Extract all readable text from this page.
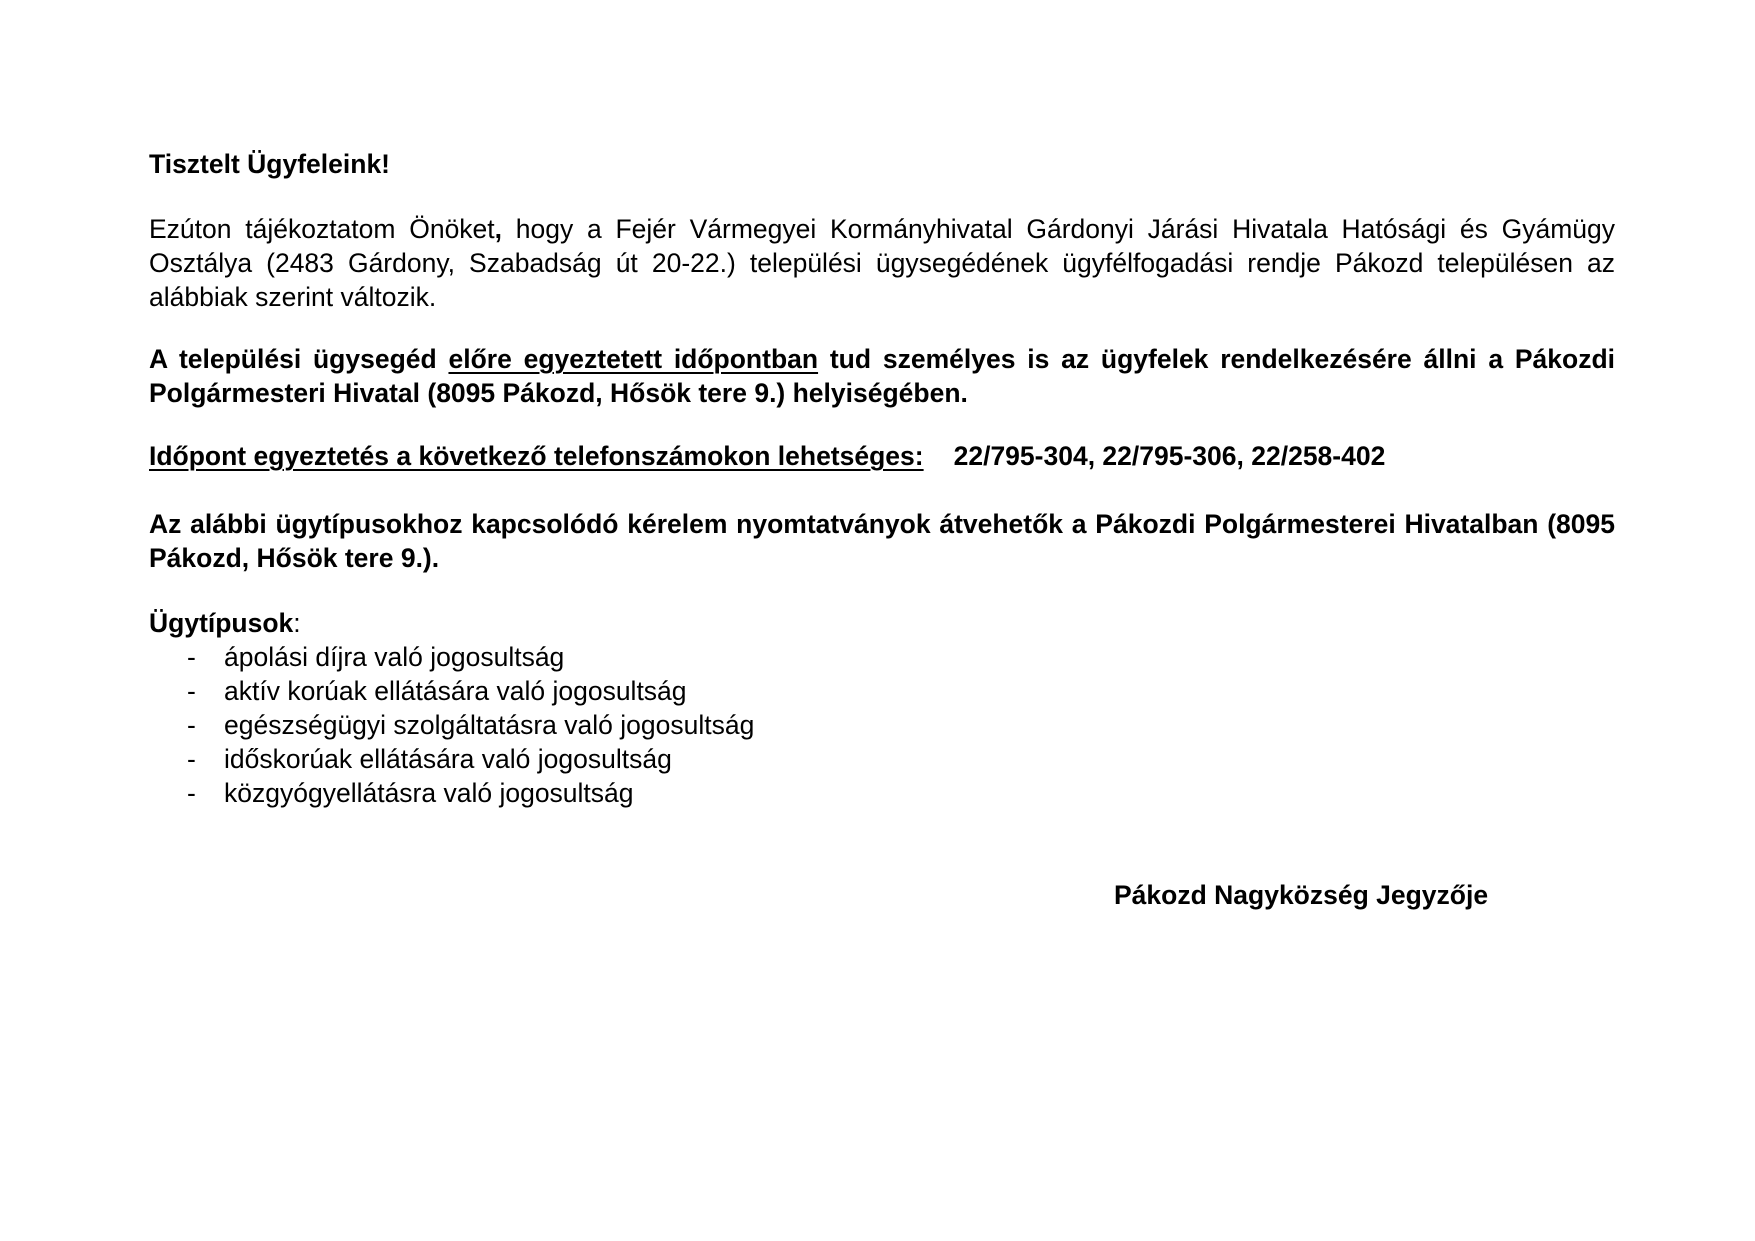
Tisztelt Ügyfeleink!
Ezúton tájékoztatom Önöket, hogy a Fejér Vármegyei Kormányhivatal Gárdonyi Járási Hivatala Hatósági és Gyámügy Osztálya (2483 Gárdony, Szabadság út 20-22.) települési ügysegédének ügyfélfogadási rendje Pákozd településen az alábbiak szerint változik.
A települési ügysegéd előre egyeztetett időpontban tud személyes is az ügyfelek rendelkezésére állni a Pákozdi Polgármesteri Hivatal (8095 Pákozd, Hősök tere 9.) helyiségében.
Időpont egyeztetés a következő telefonszámokon lehetséges: 22/795-304, 22/795-306, 22/258-402
Az alábbi ügytípusokhoz kapcsolódó kérelem nyomtatványok átvehetők a Pákozdi Polgármesterei Hivatalban (8095 Pákozd, Hősök tere 9.).
Ügytípusok:
- ápolási díjra való jogosultság
- aktív korúak ellátására való jogosultság
- egészségügyi szolgáltatásra való jogosultság
- időskorúak ellátására való jogosultság
- közgyógyellátásra való jogosultság
Pákozd Nagyközség Jegyzője
